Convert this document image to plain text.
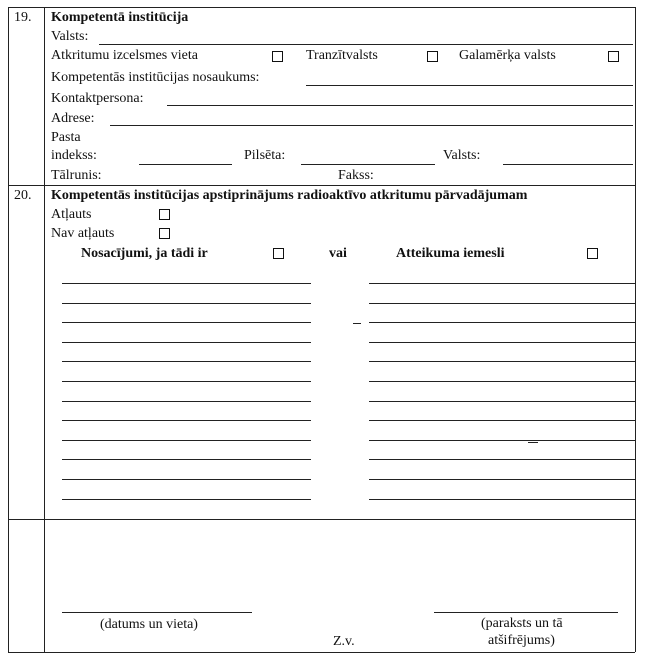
19. Kompetentā institūcija
Valsts:
Atkritumu izcelsmes vieta	Tranzītvalsts	Galamērķa valsts
Kompetentās institūcijas nosaukums:
Kontaktpersona:
Adrese:
Pasta
indekss:	Pilsēta:	Valsts:
Tālrunis:	Fakss:
20. Kompetentās institūcijas apstiprinājums radioaktīvo atkritumu pārvadājumam
Atļauts
Nav atļauts
Nosacījumi, ja tādi ir	vai	Atteikuma iemesli
(datums un vieta)
Z.v.
(paraksts un tā
atšifrējums)
